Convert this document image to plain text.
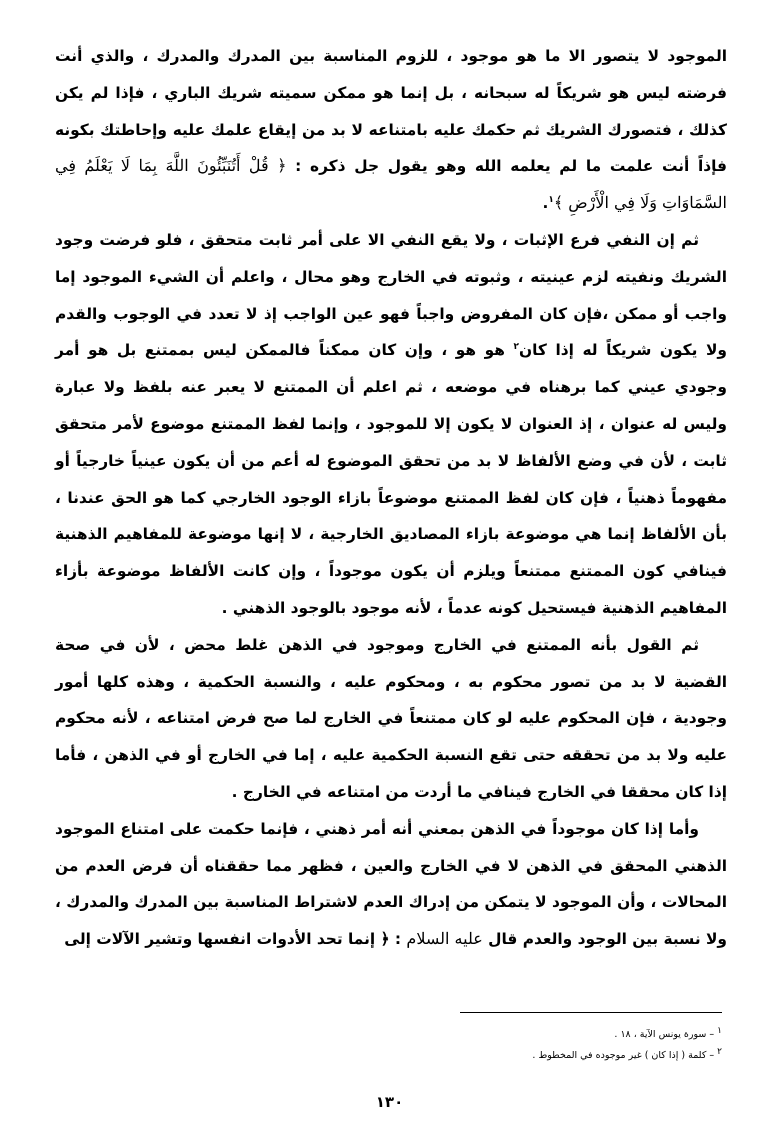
الموجود لا يتصور الا ما هو موجود ، للزوم المناسبة بين المدرك والمدرك ، والذي أنت فرضته ليس هو شريكاً له سبحانه ، بل إنما هو ممكن سميته شريك الباري ، فإذا لم يكن كذلك ، فتصورك الشريك ثم حكمك عليه بامتناعه لا بد من إيقاع علمك عليه وإحاطتك بكونه فإذاً أنت علمت ما لم يعلمه الله وهو يقول جل ذكره : ﴿ قُلْ أَتُنَبِّئُونَ اللَّهَ بِمَا لَا يَعْلَمُ فِي السَّمَاوَاتِ وَلَا فِي الْأَرْضِ ﴾$^١$.

ثم إن النفي فرع الإثبات ، ولا يقع النفي الا على أمر ثابت متحقق ، فلو فرضت وجود الشريك ونفيته لزم عينيته ، وثبوته في الخارج وهو محال ، واعلم أن الشيء الموجود إما واجب أو ممكن ،فإن كان المفروض واجباً فهو عين الواجب إذ لا تعدد في الوجوب والقدم ولا يكون شريكاً له إذا كان$^٢$ هو هو ، وإن كان ممكناً فالممكن ليس بممتنع بل هو أمر وجودي عيني كما برهناه في موضعه ، ثم اعلم أن الممتنع لا يعبر عنه بلفظ ولا عبارة وليس له عنوان ، إذ العنوان لا يكون إلا للموجود ، وإنما لفظ الممتنع موضوع لأمر متحقق ثابت ، لأن في وضع الألفاظ لا بد من تحقق الموضوع له أعم من أن يكون عينياً خارجياً أو مفهوماً ذهنياً ، فإن كان لفظ الممتنع موضوعاً بازاء الوجود الخارجي كما هو الحق عندنا ، بأن الألفاظ إنما هي موضوعة بازاء المصاديق الخارجية ، لا إنها موضوعة للمفاهيم الذهنية فينافي كون الممتنع ممتنعاً ويلزم أن يكون موجوداً ، وإن كانت الألفاظ موضوعة بأزاء المفاهيم الذهنية فيستحيل كونه عدماً ، لأنه موجود بالوجود الذهني .

ثم القول بأنه الممتنع في الخارج وموجود في الذهن غلط محض ، لأن في صحة القضية لا بد من تصور محكوم به ، ومحكوم عليه ، والنسبة الحكمية ، وهذه كلها أمور وجودية ، فإن المحكوم عليه لو كان ممتنعاً في الخارج لما صح فرض امتناعه ، لأنه محكوم عليه ولا بد من تحققه حتى تقع النسبة الحكمية عليه ، إما في الخارج أو في الذهن ، فأما إذا كان محققا في الخارج فينافي ما أردت من امتناعه في الخارج .

وأما إذا كان موجوداً في الذهن بمعني أنه أمر ذهني ، فإنما حكمت على امتناع الموجود الذهني المحقق في الذهن لا في الخارج والعين ، فظهر مما حققناه أن فرض العدم من المحالات ، وأن الموجود لا يتمكن من إدراك العدم لاشتراط المناسبة بين المدرك والمدرك ، ولا نسبة بين الوجود والعدم قال عليه السلام : ﴿ إنما تحد الأدوات انفسها وتشير الآلات إلى

$^١$ – سورة يونس الآية ، ١٨ .
$^٢$ – كلمة ( إذا كان ) غير موجوده في المخطوط .
١٣٠
